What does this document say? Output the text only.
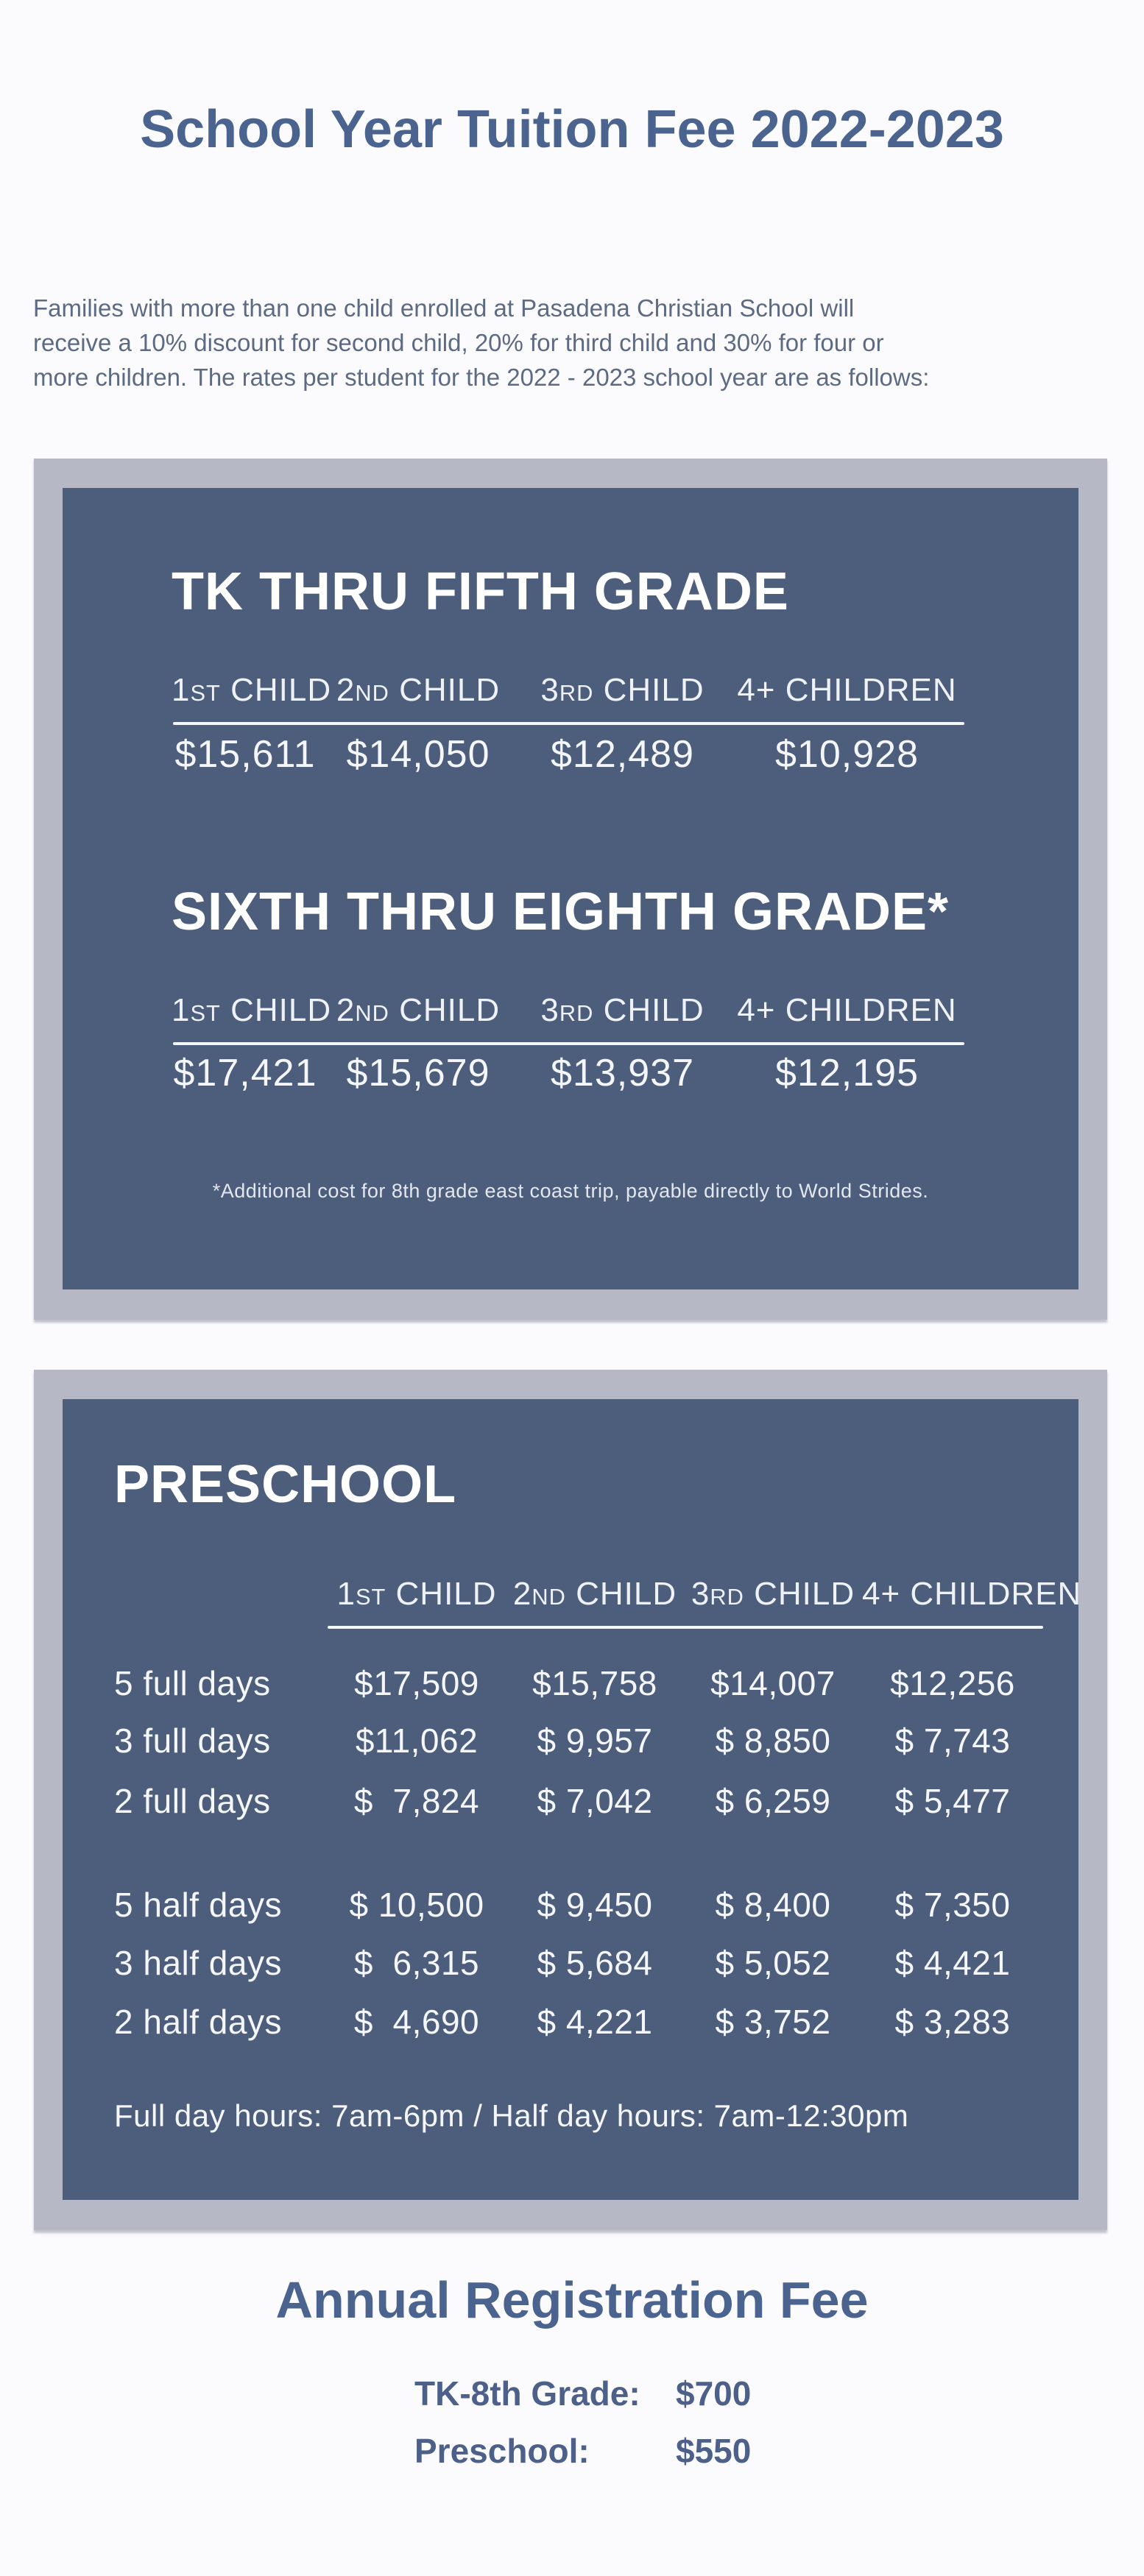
School Year Tuition Fee 2022-2023
Families with more than one child enrolled at Pasadena Christian School will
receive a 10% discount for second child, 20% for third child and 30% for four or
more children. The rates per student for the 2022 - 2023 school year are as follows:
TK THRU FIFTH GRADE
1ST CHILD 2ND CHILD	3RD CHILD	4+ CHILDREN
$15,611 $14,050	$12,489	$10,928
SIXTH THRU EIGHTH GRADE*
1ST CHILD 2ND CHILD	3RD CHILD	4+ CHILDREN
$17,421 $15,679	$13,937	$12,195
*Additional cost for 8th grade east coast trip, payable directly to World Strides.
PRESCHOOL
1ST CHILD 2ND CHILD 3RD CHILD 4+ CHILDREN
5 full days	$17,509	$15,758	$14,007	$12,256
3 full days	$11,062	$ 9,957	$ 8,850	$ 7,743
2 full days	$  7,824	$ 7,042	$ 6,259	$ 5,477
5 half days	$ 10,500	$ 9,450	$ 8,400	$ 7,350
3 half days	$  6,315	$ 5,684	$ 5,052	$ 4,421
2 half days	$  4,690	$ 4,221	$ 3,752	$ 3,283
Full day hours: 7am-6pm / Half day hours: 7am-12:30pm
Annual Registration Fee
TK-8th Grade:	$700
Preschool:	$550
